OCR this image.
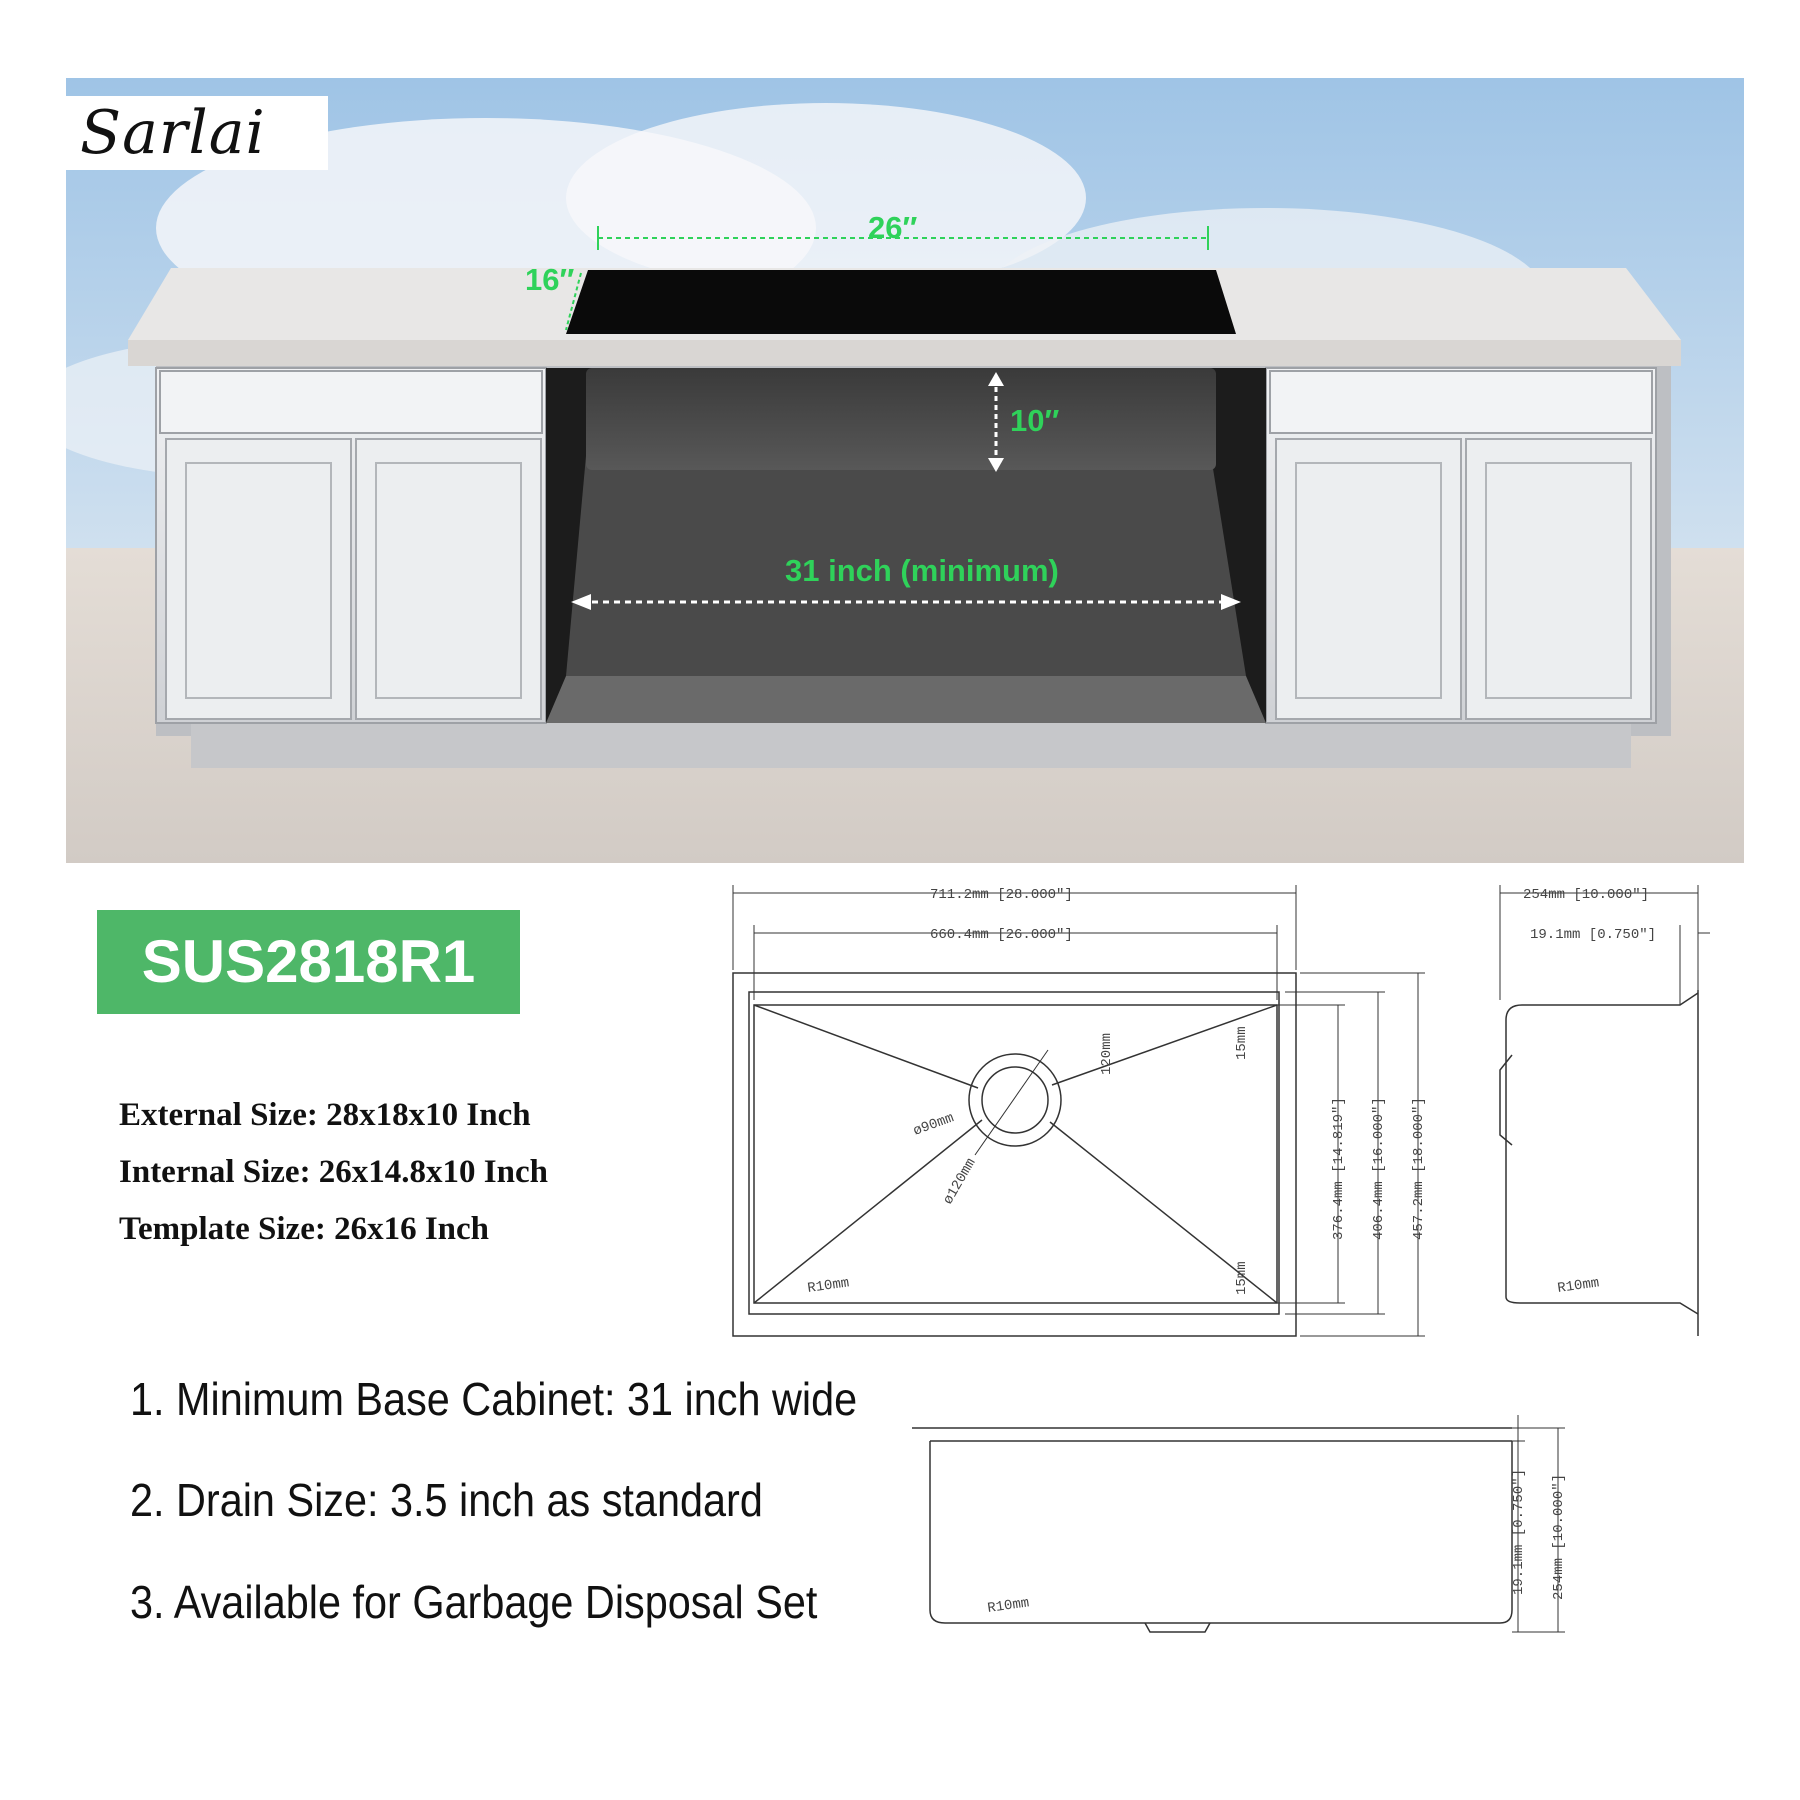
Sarlai
26″
16″
10″
31 inch (minimum)
SUS2818R1
External Size: 28x18x10 Inch
Internal Size: 26x14.8x10 Inch
Template Size: 26x16 Inch
1. Minimum Base Cabinet: 31 inch wide
2. Drain Size: 3.5 inch as standard
3. Available for Garbage Disposal Set
711.2mm [28.000"]
660.4mm [26.000"]
376.4mm [14.819"] 406.4mm [16.000"] 457.2mm [18.000"]
ø90mm
ø120mm
120mm	15mm
15mm
R10mm
254mm [10.000"]
19.1mm [0.750"]
R10mm
19.1mm [0.750"] 254mm [10.000"]
R10mm
